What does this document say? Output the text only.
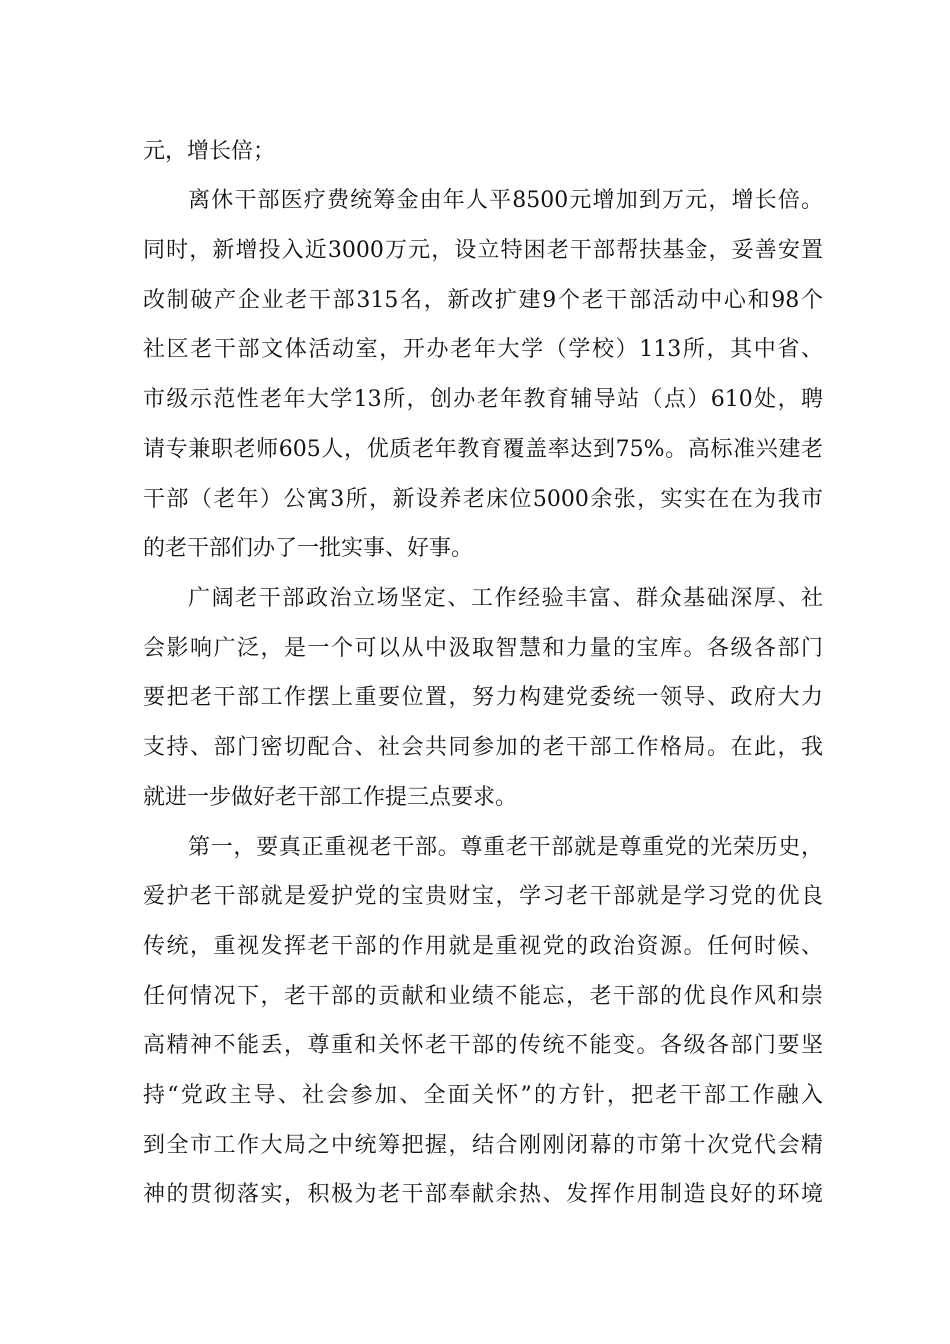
元，增长倍；
离休干部医疗费统筹金由年人平8500元增加到万元，增长倍。
同时，新增投入近3000万元，设立特困老干部帮扶基金，妥善安置
改制破产企业老干部315名，新改扩建9个老干部活动中心和98个
社区老干部文体活动室，开办老年大学（学校）113所，其中省、
市级示范性老年大学13所，创办老年教育辅导站（点）610处，聘
请专兼职老师605人，优质老年教育覆盖率达到75%。高标准兴建老
干部（老年）公寓3所，新设养老床位5000余张，实实在在为我市
的老干部们办了一批实事、好事。
广阔老干部政治立场坚定、工作经验丰富、群众基础深厚、社
会影响广泛，是一个可以从中汲取智慧和力量的宝库。各级各部门
要把老干部工作摆上重要位置，努力构建党委统一领导、政府大力
支持、部门密切配合、社会共同参加的老干部工作格局。在此，我
就进一步做好老干部工作提三点要求。
第一，要真正重视老干部。尊重老干部就是尊重党的光荣历史，
爱护老干部就是爱护党的宝贵财宝，学习老干部就是学习党的优良
传统，重视发挥老干部的作用就是重视党的政治资源。任何时候、
任何情况下，老干部的贡献和业绩不能忘，老干部的优良作风和崇
高精神不能丢，尊重和关怀老干部的传统不能变。各级各部门要坚
持“党政主导、社会参加、全面关怀”的方针，把老干部工作融入
到全市工作大局之中统筹把握，结合刚刚闭幕的市第十次党代会精
神的贯彻落实，积极为老干部奉献余热、发挥作用制造良好的环境
